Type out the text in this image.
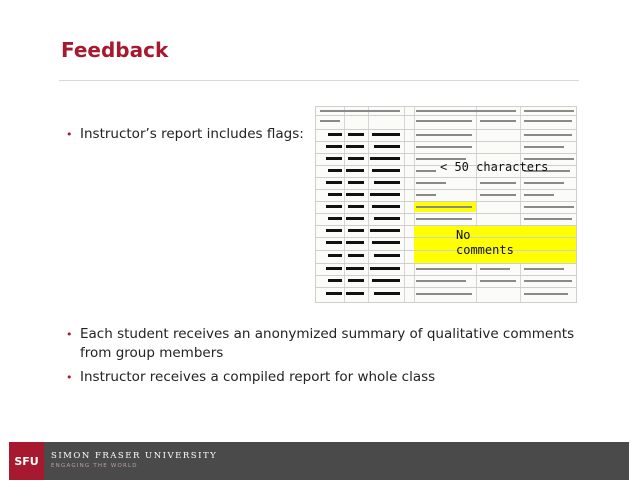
Feedback
• Instructor’s report includes flags:
< 50 characters
No comments
• Each student receives an anonymized summary of qualitative comments from group members
• Instructor receives a compiled report for whole class
SFU	SIMON FRASER UNIVERSITY
ENGAGING THE WORLD
